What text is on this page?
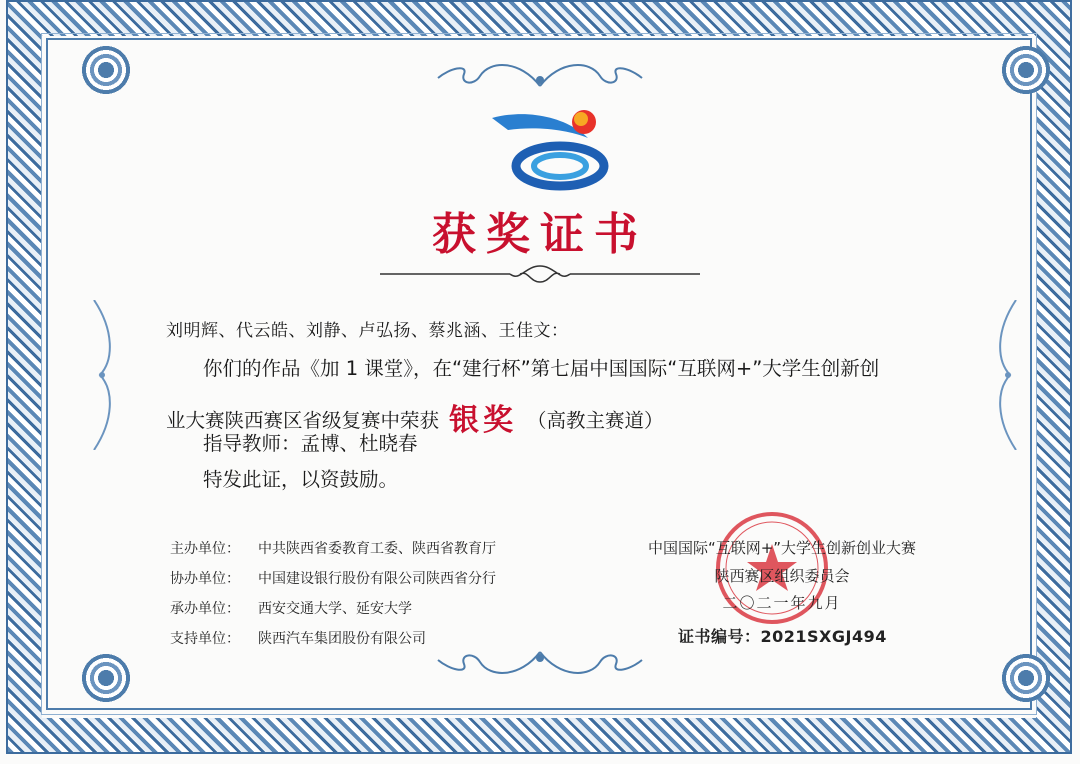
获奖证书
刘明辉、代云皓、刘静、卢弘扬、蔡兆涵、王佳文：
你们的作品《加 1 课堂》，在“建行杯”第七届中国国际“互联网+”大学生创新创
业大赛陕西赛区省级复赛中荣获 银奖 （高教主赛道）
指导教师：孟博、杜晓春
特发此证，以资鼓励。
主办单位： 中共陕西省委教育工委、陕西省教育厅
协办单位： 中国建设银行股份有限公司陕西省分行
承办单位： 西安交通大学、延安大学
支持单位： 陕西汽车集团股份有限公司
中国国际“互联网+”大学生创新创业大赛
陕西赛区组织委员会
二〇二一年九月
证书编号：2021SXGJ494
